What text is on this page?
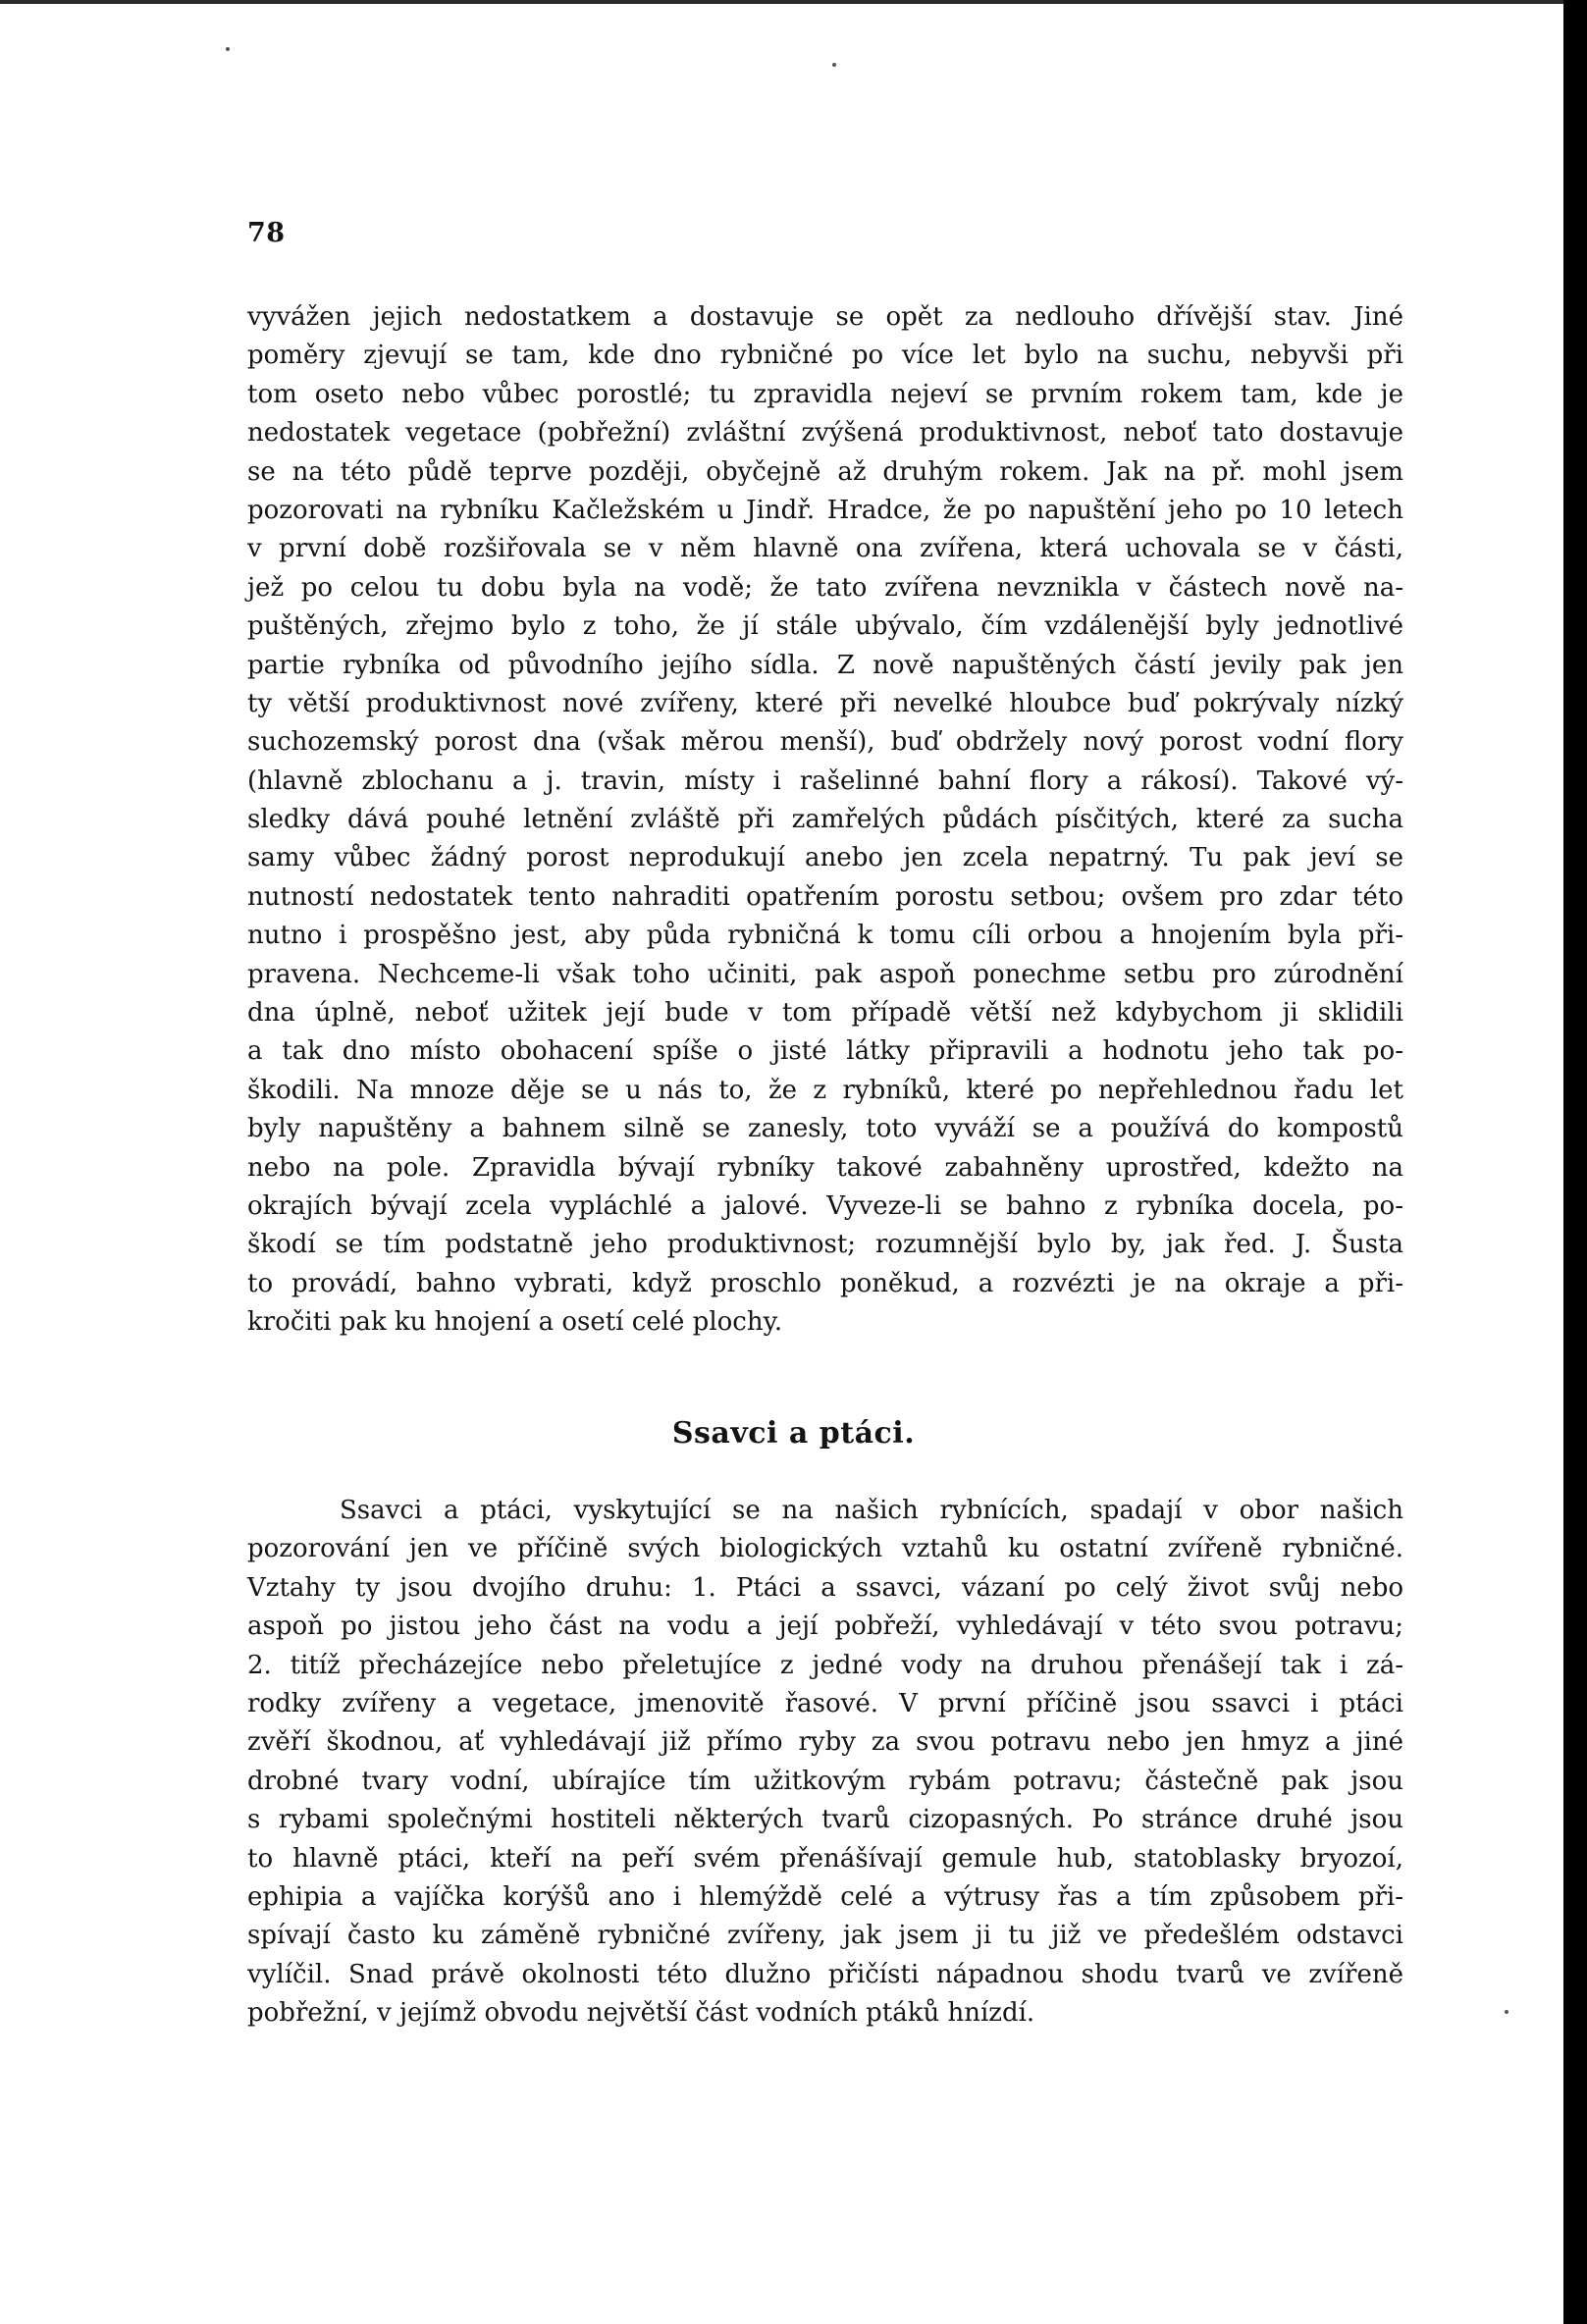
78
vyvážen jejich nedostatkem a dostavuje se opět za nedlouho dřívější stav. Jiné
poměry zjevují se tam, kde dno rybničné po více let bylo na suchu, nebyvši při
tom oseto nebo vůbec porostlé; tu zpravidla nejeví se prvním rokem tam, kde je
nedostatek vegetace (pobřežní) zvláštní zvýšená produktivnost, neboť tato dostavuje
se na této půdě teprve později, obyčejně až druhým rokem. Jak na př. mohl jsem
pozorovati na rybníku Kačležském u Jindř. Hradce, že po napuštění jeho po 10 letech
v první době rozšiřovala se v něm hlavně ona zvířena, která uchovala se v části,
jež po celou tu dobu byla na vodě; že tato zvířena nevznikla v částech nově na-
puštěných, zřejmo bylo z toho, že jí stále ubývalo, čím vzdálenější byly jednotlivé
partie rybníka od původního jejího sídla. Z nově napuštěných částí jevily pak jen
ty větší produktivnost nové zvířeny, které při nevelké hloubce buď pokrývaly nízký
suchozemský porost dna (však měrou menší), buď obdržely nový porost vodní flory
(hlavně zblochanu a j. travin, místy i rašelinné bahní flory a rákosí). Takové vý-
sledky dává pouhé letnění zvláště při zamřelých půdách písčitých, které za sucha
samy vůbec žádný porost neprodukují anebo jen zcela nepatrný. Tu pak jeví se
nutností nedostatek tento nahraditi opatřením porostu setbou; ovšem pro zdar této
nutno i prospěšno jest, aby půda rybničná k tomu cíli orbou a hnojením byla při-
pravena. Nechceme-li však toho učiniti, pak aspoň ponechme setbu pro zúrodnění
dna úplně, neboť užitek její bude v tom případě větší než kdybychom ji sklidili
a tak dno místo obohacení spíše o jisté látky připravili a hodnotu jeho tak po-
škodili. Na mnoze děje se u nás to, že z rybníků, které po nepřehlednou řadu let
byly napuštěny a bahnem silně se zanesly, toto vyváží se a používá do kompostů
nebo na pole. Zpravidla bývají rybníky takové zabahněny uprostřed, kdežto na
okrajích bývají zcela vypláchlé a jalové. Vyveze-li se bahno z rybníka docela, po-
škodí se tím podstatně jeho produktivnost; rozumnější bylo by, jak řed. J. Šusta
to provádí, bahno vybrati, když proschlo poněkud, a rozvézti je na okraje a při-
kročiti pak ku hnojení a osetí celé plochy.
Ssavci a ptáci.
Ssavci a ptáci, vyskytující se na našich rybnících, spadají v obor našich
pozorování jen ve příčině svých biologických vztahů ku ostatní zvířeně rybničné.
Vztahy ty jsou dvojího druhu: 1. Ptáci a ssavci, vázaní po celý život svůj nebo
aspoň po jistou jeho část na vodu a její pobřeží, vyhledávají v této svou potravu;
2. titíž přecházejíce nebo přeletujíce z jedné vody na druhou přenášejí tak i zá-
rodky zvířeny a vegetace, jmenovitě řasové. V první příčině jsou ssavci i ptáci
zvěří škodnou, ať vyhledávají již přímo ryby za svou potravu nebo jen hmyz a jiné
drobné tvary vodní, ubírajíce tím užitkovým rybám potravu; částečně pak jsou
s rybami společnými hostiteli některých tvarů cizopasných. Po stránce druhé jsou
to hlavně ptáci, kteří na peří svém přenášívají gemule hub, statoblasky bryozoí,
ephipia a vajíčka korýšů ano i hlemýždě celé a výtrusy řas a tím způsobem při-
spívají často ku záměně rybničné zvířeny, jak jsem ji tu již ve předešlém odstavci
vylíčil. Snad právě okolnosti této dlužno přičísti nápadnou shodu tvarů ve zvířeně
pobřežní, v jejímž obvodu největší část vodních ptáků hnízdí.
